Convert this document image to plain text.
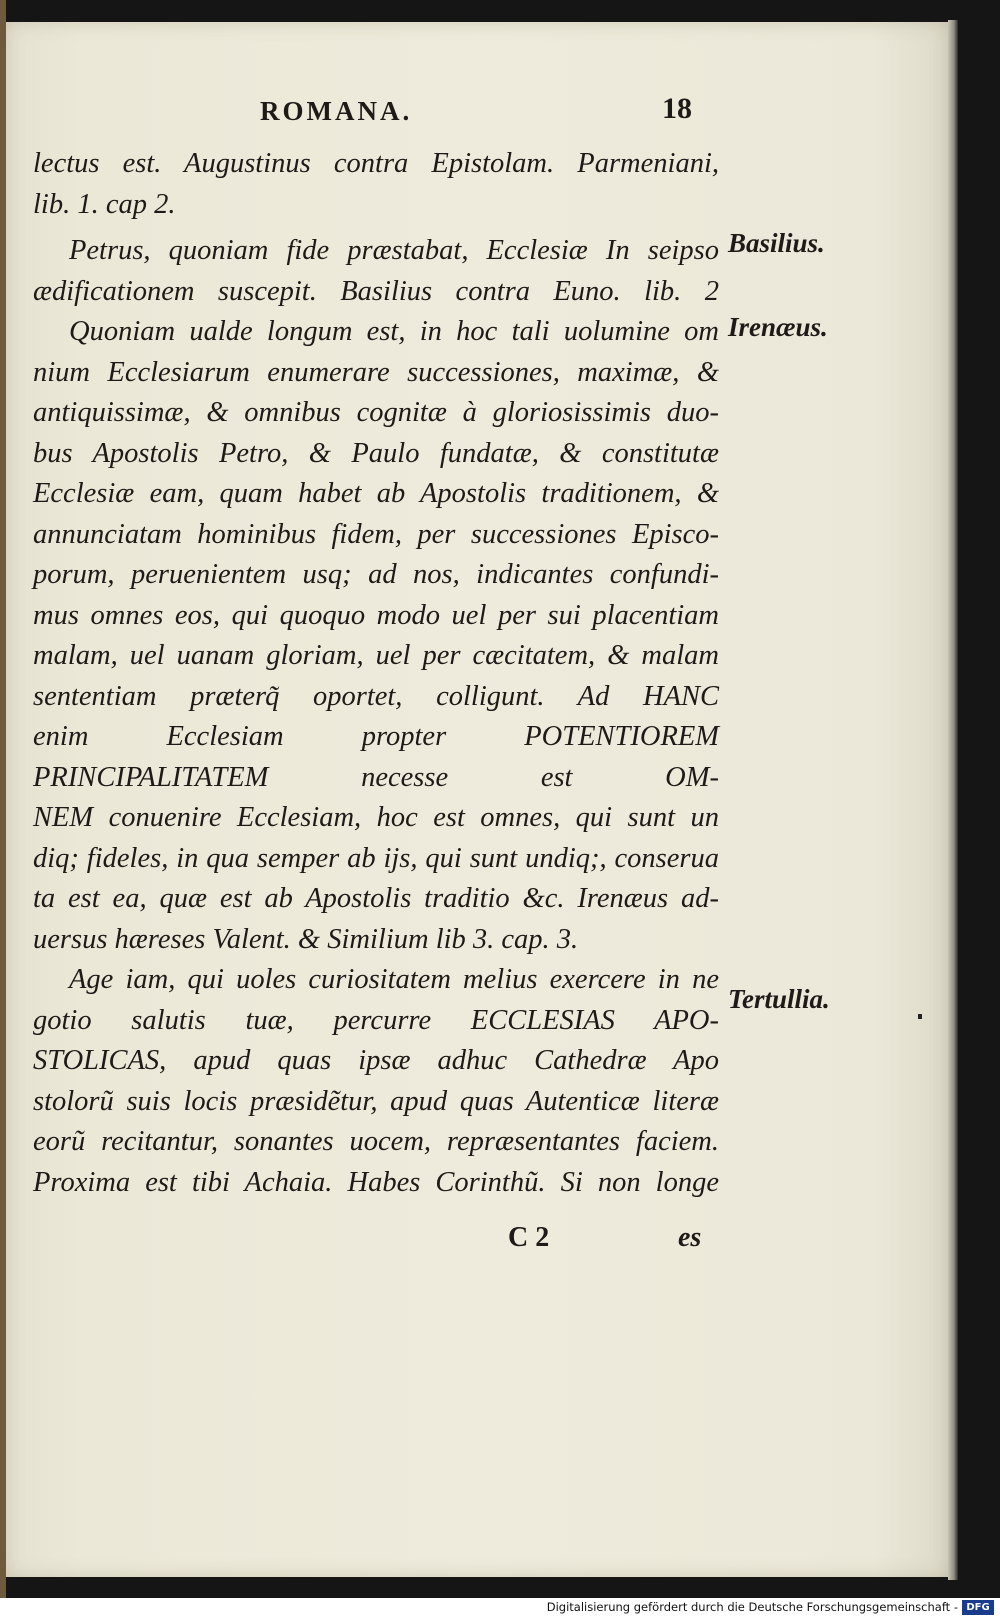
ROMANA.	18
lectus est. Augustinus contra Epistolam. Parmeniani,
lib. 1. cap 2.
Petrus, quoniam fide præstabat, Ecclesiæ In seipso
ædificationem suscepit. Basilius contra Euno. lib. 2
Quoniam ualde longum est, in hoc tali uolumine om
nium Ecclesiarum enumerare successiones, maximæ, &
antiquissimæ, & omnibus cognitæ à gloriosissimis duo-
bus Apostolis Petro, & Paulo fundatæ, & constitutæ
Ecclesiæ eam, quam habet ab Apostolis traditionem, &
annunciatam hominibus fidem, per successiones Episco-
porum, peruenientem usq; ad nos, indicantes confundi-
mus omnes eos, qui quoquo modo uel per sui placentiam
malam, uel uanam gloriam, uel per cæcitatem, & malam
sententiam præterq̃ oportet, colligunt. Ad HANC
enim Ecclesiam propter POTENTIOREM
PRINCIPALITATEM necesse est OM-
NEM conuenire Ecclesiam, hoc est omnes, qui sunt un
diq; fideles, in qua semper ab ijs, qui sunt undiq;, conserua
ta est ea, quæ est ab Apostolis traditio &c. Irenæus ad-
uersus hæreses Valent. & Similium lib 3. cap. 3.
Age iam, qui uoles curiositatem melius exercere in ne
gotio salutis tuæ, percurre ECCLESIAS APO-
STOLICAS, apud quas ipsæ adhuc Cathedræ Apo
stolorũ suis locis præsidẽtur, apud quas Autenticæ literæ
eorũ recitantur, sonantes uocem, repræsentantes faciem.
Proxima est tibi Achaia. Habes Corinthũ. Si non longe
Basilius.
Irenæus.
Tertullia.
C 2	es
Digitalisierung gefördert durch die Deutsche Forschungsgemeinschaft - DFG
